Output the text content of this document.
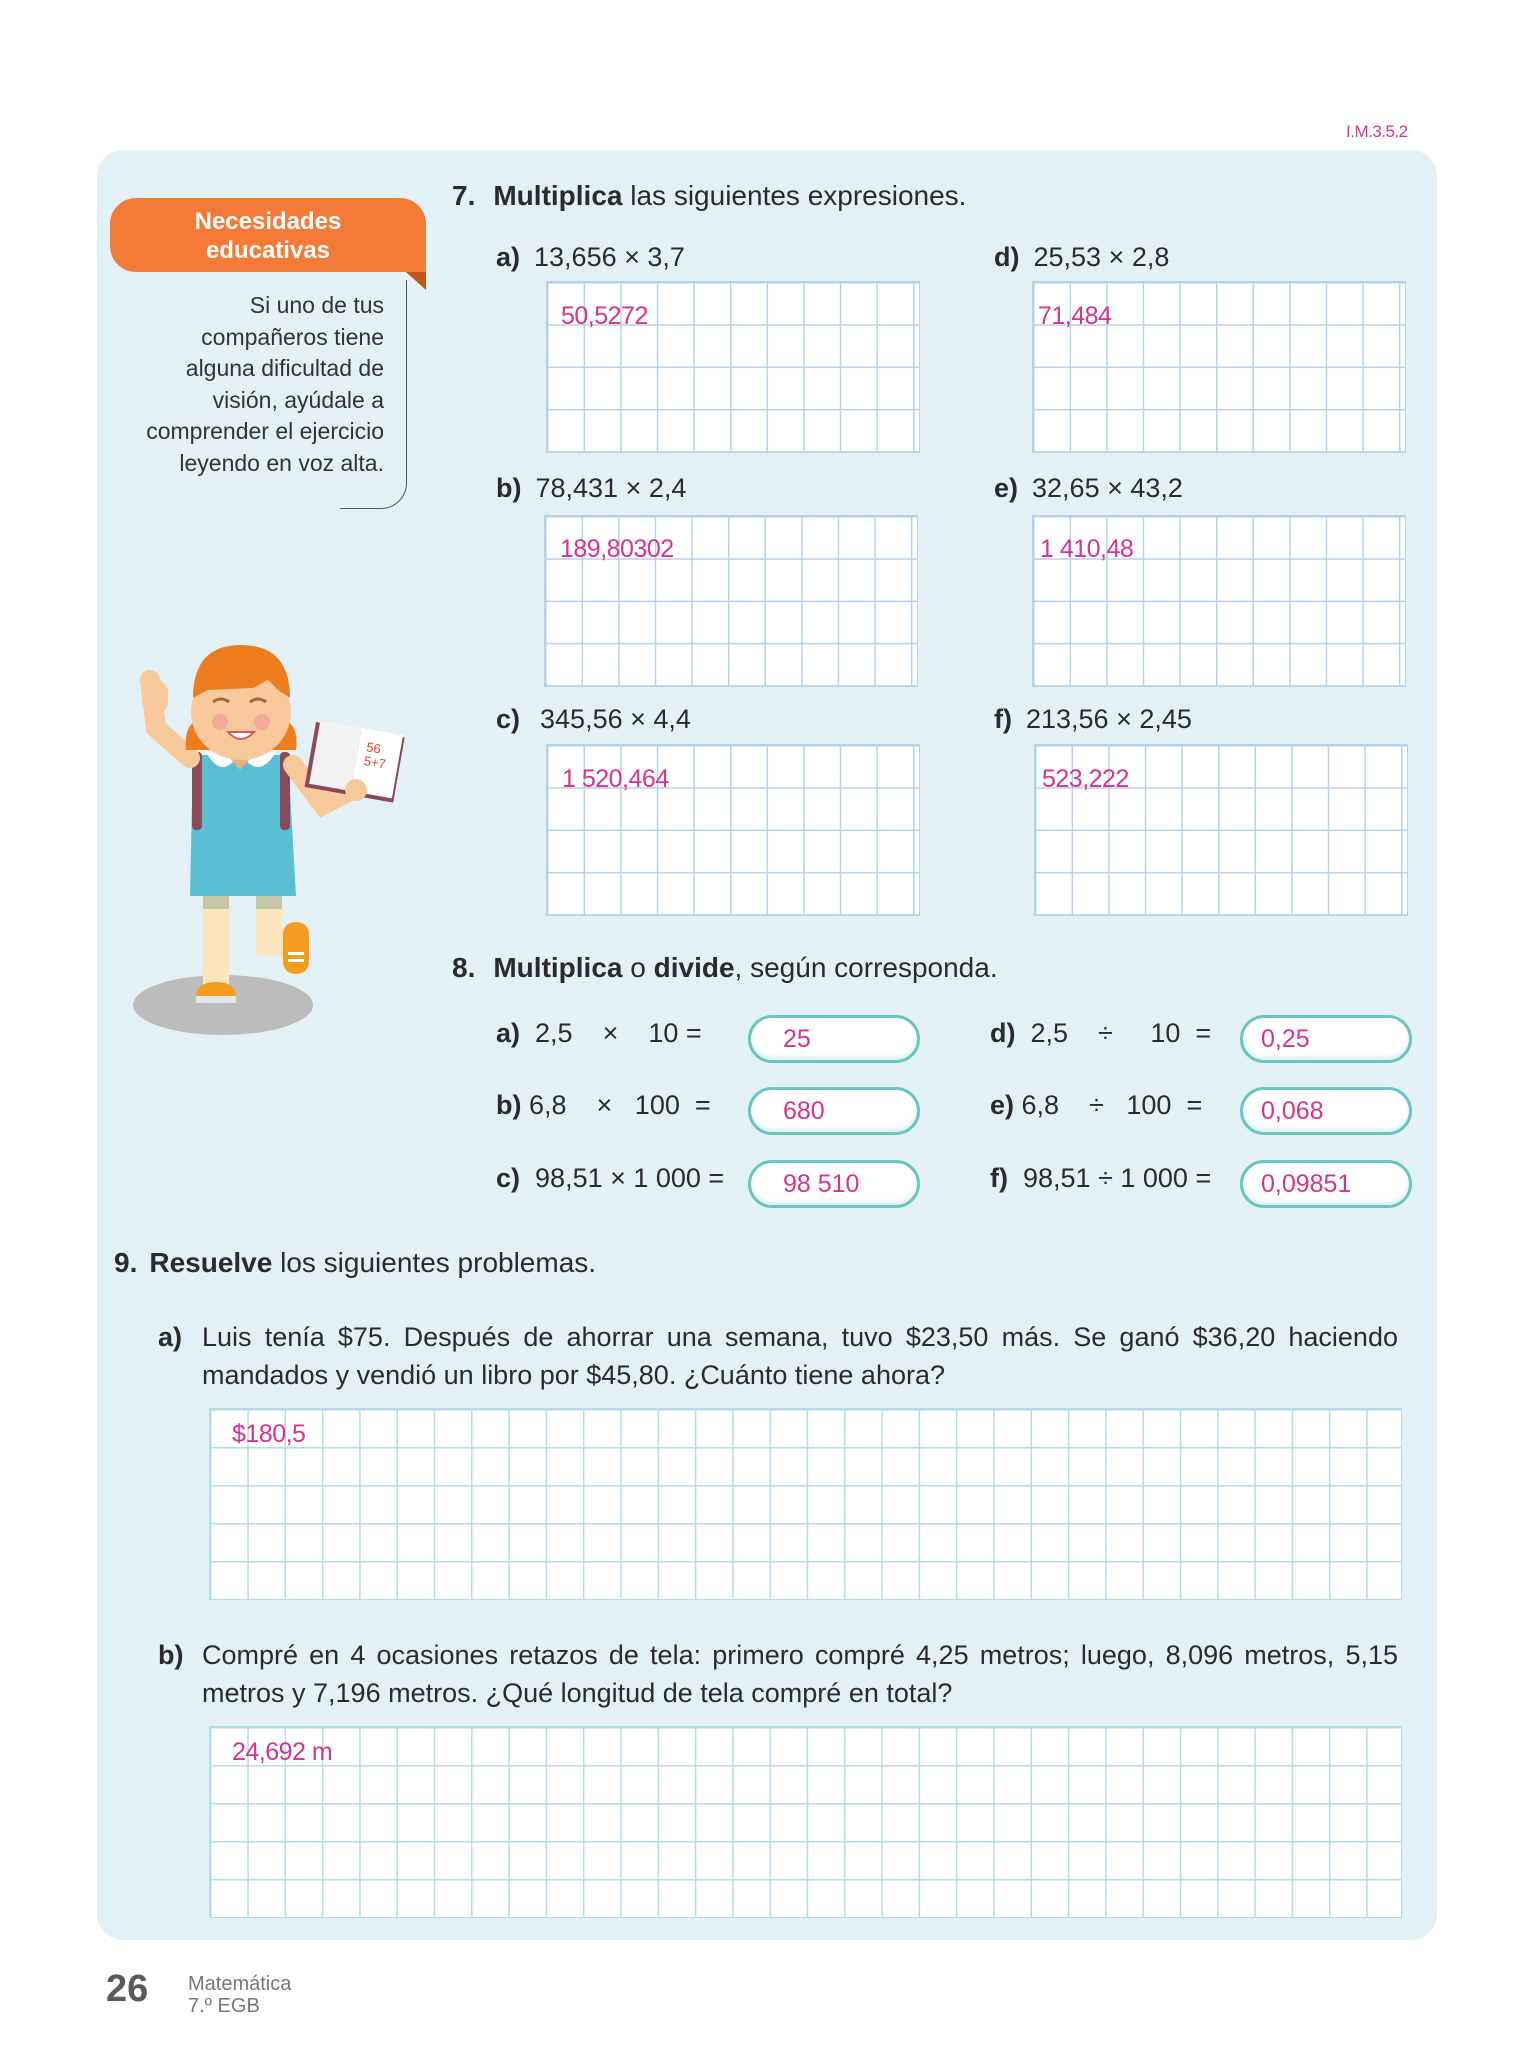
I.M.3.5.2
Necesidades
educativas
Si uno de tus
compañeros tiene
alguna dificultad de
visión, ayúdale a
comprender el ejercicio
leyendo en voz alta.
56
5+7
7. Multiplica las siguientes expresiones.
a) 13,656 × 3,7
50,5272
d) 25,53 × 2,8
71,484
b) 78,431 × 2,4
189,80302
e) 32,65 × 43,2
1 410,48
c) 345,56 × 4,4
1 520,464
f) 213,56 × 2,45
523,222
8. Multiplica o divide, según corresponda.
a) 2,5    ×    10 =	25
b) 6,8    ×   100  =	680
c) 98,51 × 1 000 = 98 510
d) 2,5    ÷     10  = 0,25
e) 6,8    ÷   100  = 0,068
f) 98,51 ÷ 1 000 = 0,09851
9. Resuelve los siguientes problemas.
a) Luis tenía $75. Después de ahorrar una semana, tuvo $23,50 más. Se ganó $36,20 haciendo mandados y vendió un libro por $45,80. ¿Cuánto tiene ahora?
$180,5
b) Compré en 4 ocasiones retazos de tela: primero compré 4,25 metros; luego, 8,096 metros, 5,15 metros y 7,196 metros. ¿Qué longitud de tela compré en total?
24,692 m
26 Matemática
7.º EGB
